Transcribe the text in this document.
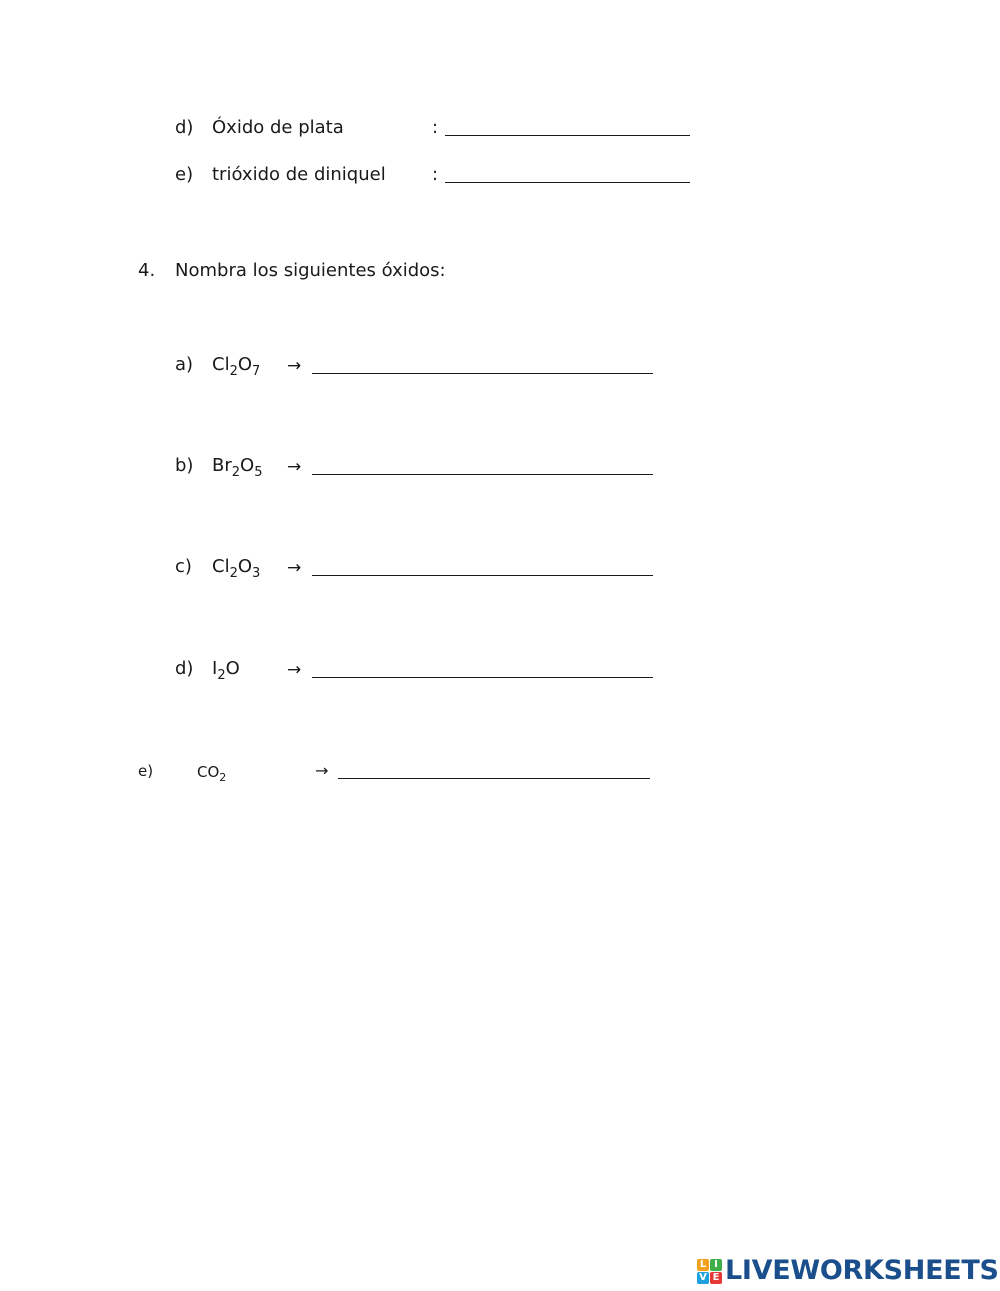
d) Óxido de plata	:
e) trióxido de diniquel	:
4. Nombra los siguientes óxidos:
a) $Cl_2O_7$ →
b) $Br_2O_5$ →
c) $Cl_2O_3$ →
d) $I_2O$	→
e)	$CO_2$	→
L I
V E LIVEWORKSHEETS
